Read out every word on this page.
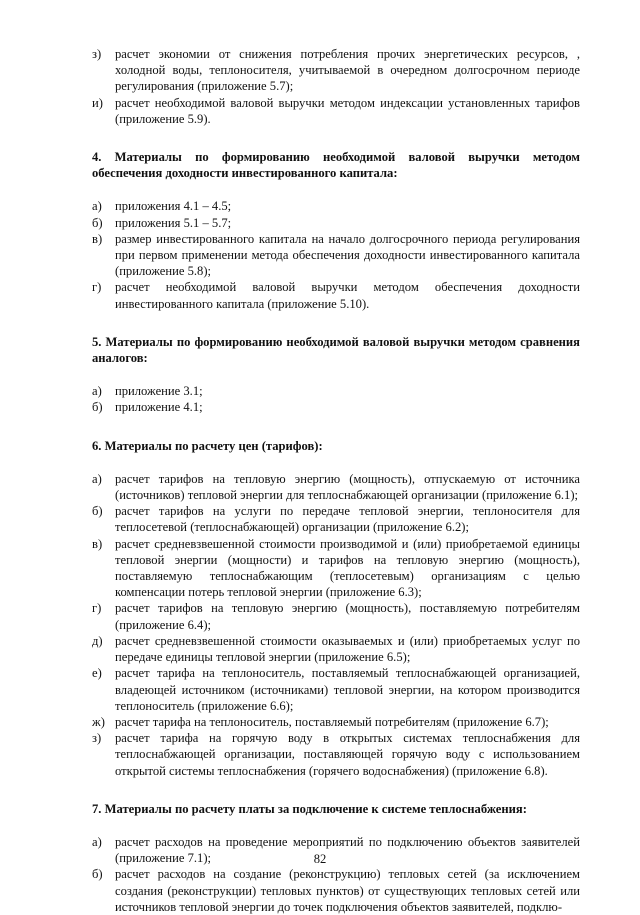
з)	расчет экономии от снижения потребления прочих энергетических ресурсов, , холодной воды, теплоносителя, учитываемой в очередном долгосрочном периоде регулирования (приложение 5.7);
и) расчет необходимой валовой выручки методом индексации установленных тарифов (приложение 5.9).

4. Материалы по формированию необходимой валовой выручки методом обеспечения доходности инвестированного капитала:

а)	приложения 4.1 – 4.5;
б) приложения 5.1 – 5.7;
в)	размер инвестированного капитала на начало долгосрочного периода регулирования при первом применении метода обеспечения доходности инвестированного капитала (приложение 5.8);
г)	расчет необходимой валовой выручки методом обеспечения доходности инвестированного капитала (приложение 5.10).

5. Материалы по формированию необходимой валовой выручки методом сравнения аналогов:

а)	приложение 3.1;
б) приложение 4.1;

6. Материалы по расчету цен (тарифов):

а)	расчет тарифов на тепловую энергию (мощность), отпускаемую от источника (источников) тепловой энергии для теплоснабжающей организации (приложение 6.1);
б) расчет тарифов на услуги по передаче тепловой энергии, теплоносителя для теплосетевой (теплоснабжающей) организации (приложение 6.2);
в)	расчет средневзвешенной стоимости производимой и (или) приобретаемой единицы тепловой энергии (мощности) и тарифов на тепловую энергию (мощность), поставляемую теплоснабжающим (теплосетевым) организациям с целью компенсации потерь тепловой энергии (приложение 6.3);
г)	расчет тарифов на тепловую энергию (мощность), поставляемую потребителям (приложение 6.4);
д) расчет средневзвешенной стоимости оказываемых и (или) приобретаемых услуг по передаче единицы тепловой энергии (приложение 6.5);
е)	расчет тарифа на теплоноситель, поставляемый теплоснабжающей организацией, владеющей источником (источниками) тепловой энергии, на котором производится теплоноситель (приложение 6.6);
ж) расчет тарифа на теплоноситель, поставляемый потребителям (приложение 6.7);
з)	расчет тарифа на горячую воду в открытых системах теплоснабжения для теплоснабжающей организации, поставляющей горячую воду с использованием открытой системы теплоснабжения (горячего водоснабжения) (приложение 6.8).

7. Материалы по расчету платы за подключение к системе теплоснабжения:

а)	расчет расходов на проведение мероприятий по подключению объектов заявителей (приложение 7.1);
б) расчет расходов на создание (реконструкцию) тепловых сетей (за исключением создания (реконструкции) тепловых пунктов) от существующих тепловых сетей или источников тепловой энергии до точек подключения объектов заявителей, подклю-
82
